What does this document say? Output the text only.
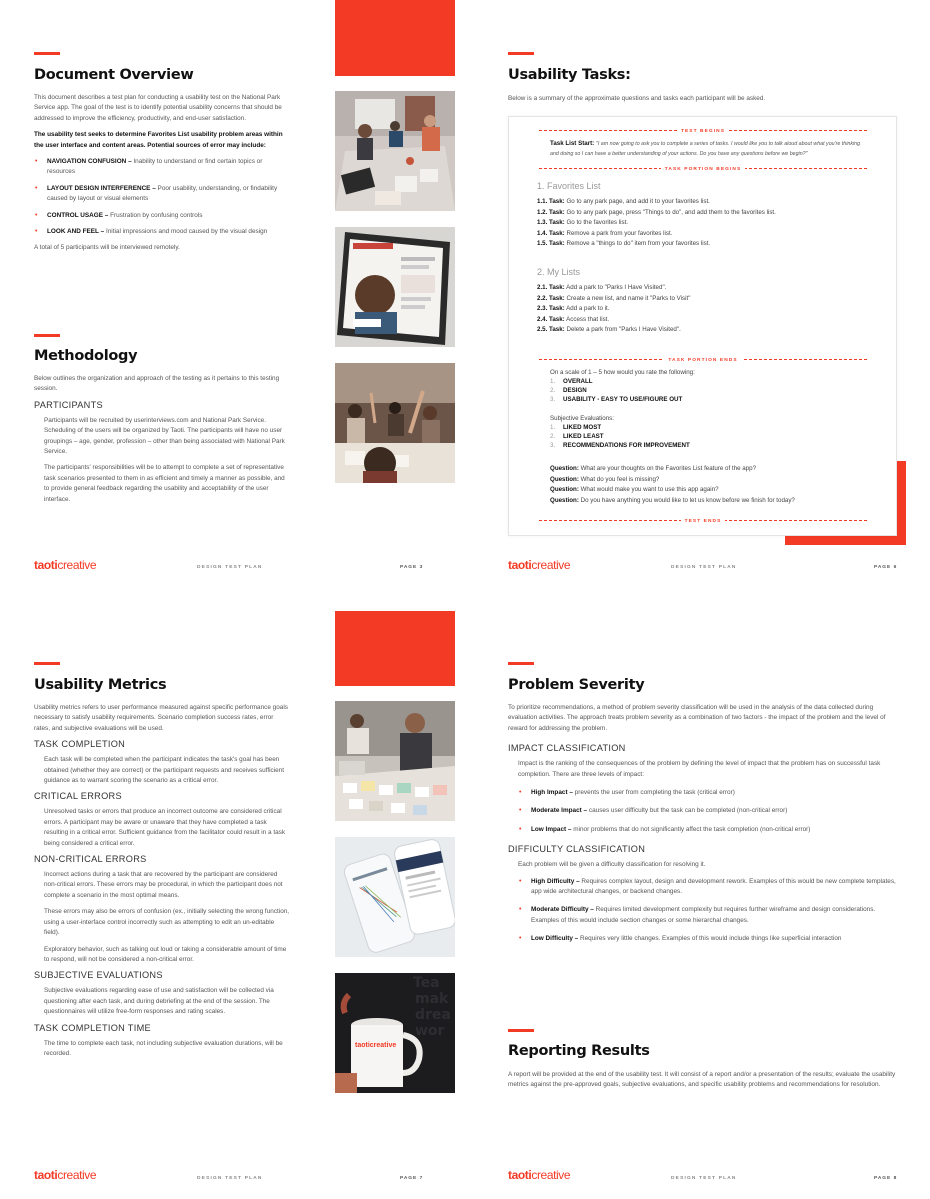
Document Overview

This document describes a test plan for conducting a usability test on the National Park Service app. The goal of the test is to identify potential usability concerns that should be addressed to improve the efficiency, productivity, and end-user satisfaction.

The usability test seeks to determine Favorites List usability problem areas within the user interface and content areas. Potential sources of error may include:

• NAVIGATION CONFUSION – Inability to understand or find certain topics or resources
• LAYOUT DESIGN INTERFERENCE – Poor usability, understanding, or findability caused by layout or visual elements
• CONTROL USAGE – Frustration by confusing controls
• LOOK AND FEEL – Initial impressions and mood caused by the visual design

A total of 5 participants will be interviewed remotely.

Methodology

Below outlines the organization and approach of the testing as it pertains to this testing session.

PARTICIPANTS

Participants will be recruited by userinterviews.com and National Park Service. Scheduling of the users will be organized by Taoti. The participants will have no user groupings – age, gender, profession – other than being associated with National Park Service.

The participants' responsibilities will be to attempt to complete a set of representative task scenarios presented to them in as efficient and timely a manner as possible, and to provide general feedback regarding the usability and acceptability of the user interface.

taoticreative	DESIGN TEST PLAN	PAGE 3
Usability Tasks:
Below is a summary of the approximate questions and tasks each participant will be asked.
TEST BEGINS
Task List Start: "I am now going to ask you to complete a series of tasks. I would like you to talk aloud about what you're thinking and doing so I can have a better understanding of your actions. Do you have any questions before we begin?"
TASK PORTION BEGINS
1. Favorites List
1.1. Task: Go to any park page, and add it to your favorites list.
1.2. Task: Go to any park page, press "Things to do", and add them to the favorites list.
1.3. Task: Go to the favorites list.
1.4. Task: Remove a park from your favorites list.
1.5. Task: Remove a "things to do" item from your favorites list.
2. My Lists
2.1. Task: Add a park to "Parks I Have Visited".
2.2. Task: Create a new list, and name it "Parks to Visit"
2.3. Task: Add a park to it.
2.4. Task: Access that list.
2.5. Task: Delete a park from "Parks I Have Visited".
TASK PORTION ENDS
On a scale of 1 – 5 how would you rate the following:
1. OVERALL
2. DESIGN
3. USABILITY - EASY TO USE/FIGURE OUT
Subjective Evaluations:
1. LIKED MOST
2. LIKED LEAST
3. RECOMMENDATIONS FOR IMPROVEMENT
Question: What are your thoughts on the Favorites List feature of the app?
Question: What do you feel is missing?
Question: What would make you want to use this app again?
Question: Do you have anything you would like to let us know before we finish for today?
TEST ENDS
taoticreative	DESIGN TEST PLAN	PAGE 6
Usability Metrics

Usability metrics refers to user performance measured against specific performance goals necessary to satisfy usability requirements. Scenario completion success rates, error rates, and subjective evaluations will be used.

TASK COMPLETION

Each task will be completed when the participant indicates the task's goal has been obtained (whether they are correct) or the participant requests and receives sufficient guidance as to warrant scoring the scenario as a critical error.

CRITICAL ERRORS

Unresolved tasks or errors that produce an incorrect outcome are considered critical errors. A participant may be aware or unaware that they have completed a task resulting in a critical error. Sufficient guidance from the facilitator could result in a task being considered a critical error.

NON-CRITICAL ERRORS

Incorrect actions during a task that are recovered by the participant are considered non-critical errors. These errors may be procedural, in which the participant does not complete a scenario in the most optimal means.

These errors may also be errors of confusion (ex., initially selecting the wrong function, using a user-interface control incorrectly such as attempting to edit an un-editable field).

Exploratory behavior, such as talking out loud or taking a considerable amount of time to respond, will not be considered a non-critical error.

SUBJECTIVE EVALUATIONS

Subjective evaluations regarding ease of use and satisfaction will be collected via questioning after each task, and during debriefing at the end of the session. The questionnaires will utilize free-form responses and rating scales.

TASK COMPLETION TIME

The time to complete each task, not including subjective evaluation durations, will be recorded.

Tea
mak
drea
wor
taoticreative
taoticreative	DESIGN TEST PLAN	PAGE 7
Problem Severity

To prioritize recommendations, a method of problem severity classification will be used in the analysis of the data collected during evaluation activities. The approach treats problem severity as a combination of two factors - the impact of the problem and the level of reward for addressing the problem.

IMPACT CLASSIFICATION

Impact is the ranking of the consequences of the problem by defining the level of impact that the problem has on successful task completion. There are three levels of impact:

• High Impact – prevents the user from completing the task (critical error)
• Moderate Impact – causes user difficulty but the task can be completed (non-critical error)
• Low Impact – minor problems that do not significantly affect the task completion (non-critical error)
DIFFICULTY CLASSIFICATION

Each problem will be given a difficulty classification for resolving it.

• High Difficulty – Requires complex layout, design and development rework. Examples of this would be new complete templates, app wide architectural changes, or backend changes.
• Moderate Difficulty – Requires limited development complexity but requires further wireframe and design considerations. Examples of this would include section changes or some hierarchal changes.
• Low Difficulty – Requires very little changes. Examples of this would include things like superficial interaction
Reporting Results
A report will be provided at the end of the usability test. It will consist of a report and/or a presentation of the results; evaluate the usability metrics against the pre-approved goals, subjective evaluations, and specific usability problems and recommendations for resolution.
taoticreative	DESIGN TEST PLAN	PAGE 8
